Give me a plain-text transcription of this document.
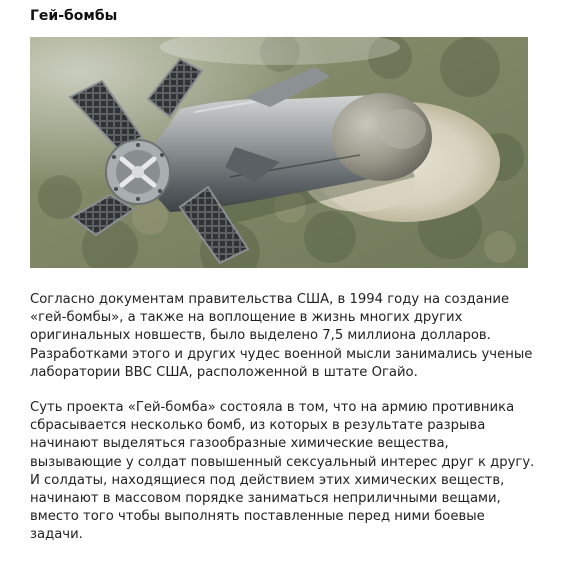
Гей-бомбы

Согласно документам правительства США, в 1994 году на создание «гей-бомбы», а также на воплощение в жизнь многих других оригинальных новшеств, было выделено 7,5 миллиона долларов. Разработками этого и других чудес военной мысли занимались ученые лаборатории ВВС США, расположенной в штате Огайо.

Суть проекта «Гей-бомба» состояла в том, что на армию противника сбрасывается несколько бомб, из которых в результате разрыва начинают выделяться газообразные химические вещества, вызывающие у солдат повышенный сексуальный интерес друг к другу. И солдаты, находящиеся под действием этих химических веществ, начинают в массовом порядке заниматься неприличными вещами, вместо того чтобы выполнять поставленные перед ними боевые задачи.
